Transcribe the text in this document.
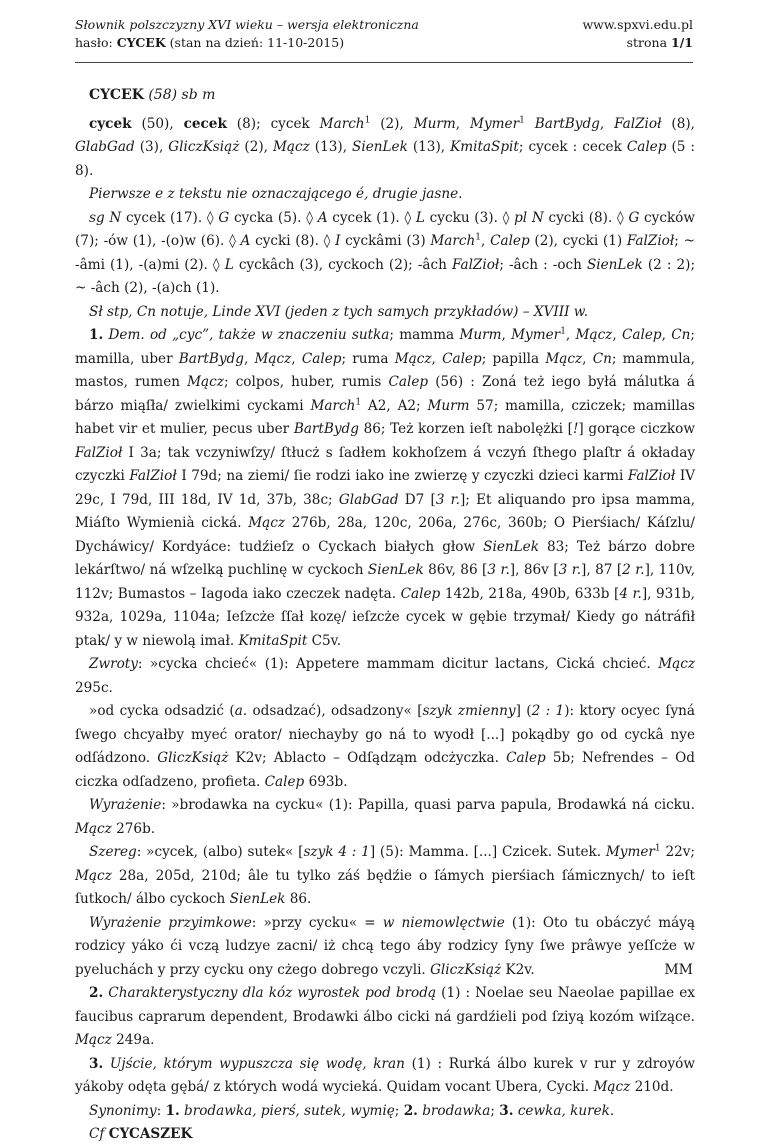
Słownik polszczyzny XVI wieku – wersja elektroniczna
hasło: CYCEK (stan na dzień: 11-10-2015)
www.spxvi.edu.pl
strona 1/1

CYCEK (58) sb m

cycek (50), cecek (8); cycek March$^1$ (2), Murm, Mymer$^1$ BartBydg, FalZioł (8), GlabGad (3), GliczKsiąż (2), Mącz (13), SienLek (13), KmitaSpit; cycek : cecek Calep (5 : 8).

Pierwsze e z tekstu nie oznaczającego é, drugie jasne.

sg N cycek (17). ◊ G cycka (5). ◊ A cycek (1). ◊ L cycku (3). ◊ pl N cycki (8). ◊ G cycków (7); -ów (1), -(o)w (6). ◊ A cycki (8). ◊ I cyckâmi (3) March$^1$, Calep (2), cycki (1) FalZioł; ~ -âmi (1), -(a)mi (2). ◊ L cyckâch (3), cyckoch (2); -âch FalZioł; -âch : -och SienLek (2 : 2); ~ -âch (2), -(a)ch (1).

Sł stp, Cn notuje, Linde XVI (jeden z tych samych przykładów) – XVIII w.

1. Dem. od „cyc”, także w znaczeniu sutka; mamma Murm, Mymer$^1$, Mącz, Calep, Cn; mamilla, uber BartBydg, Mącz, Calep; ruma Mącz, Calep; papilla Mącz, Cn; mammula, mastos, rumen Mącz; colpos, huber, rumis Calep (56) : Zoná też iego byłá málutka á bárzo miąſła/ zwielkimi cyckami March$^1$ A2, A2; Murm 57; mamilla, cziczek; mamillas habet vir et mulier, pecus uber BartBydg 86; Też korzen ieſt nabolężki [!] gorące ciczkow FalZioł I 3a; tak vczyniwſzy/ ſtłucż s ſadłem kokhoſzem á vczyń ſthego plaſtr á okładay czyczki FalZioł I 79d; na ziemi/ ſie rodzi iako ine zwierzę y czyczki dzieci karmi FalZioł IV 29c, I 79d, III 18d, IV 1d, 37b, 38c; GlabGad D7 [3 r.]; Et aliquando pro ipsa mamma, Miáſto Wymienià cická. Mącz 276b, 28a, 120c, 206a, 276c, 360b; O Pierśiach/ Káſzlu/ Dycháwicy/ Kordyáce: tudźieſz o Cyckach białych głow SienLek 83; Też bárzo dobre lekárſtwo/ ná wſzelką puchlinę w cyckoch SienLek 86v, 86 [3 r.], 86v [3 r.], 87 [2 r.], 110v, 112v; Bumastos – Iagoda iako czeczek nadęta. Calep 142b, 218a, 490b, 633b [4 r.], 931b, 932a, 1029a, 1104a; Ieſzcże ſſał kozę/ ieſzcże cycek w gębie trzymał/ Kiedy go nátráfił ptak/ y w niewolą imał. KmitaSpit C5v.

Zwroty: »cycka chcieć« (1): Appetere mammam dicitur lactans, Cická chcieć. Mącz 295c.

»od cycka odsadzić (a. odsadzać), odsadzony« [szyk zmienny] (2 : 1): ktory ocyec ſyná ſwego chcyałby myeć orator/ niechayby go ná to wyodł [...] pokądby go od cyckâ nye odſádzono. GliczKsiąż K2v; Ablacto – Odſądząm odcżyczka. Calep 5b; Nefrendes – Od ciczka odſadzeno, profieta. Calep 693b.

Wyrażenie: »brodawka na cycku« (1): Papilla, quasi parva papula, Brodawká ná cicku. Mącz 276b.

Szereg: »cycek, (albo) sutek« [szyk 4 : 1] (5): Mamma. [...] Czicek. Sutek. Mymer$^1$ 22v; Mącz 28a, 205d, 210d; âle tu tylko záś będźie o ſámych pierśiach ſámicznych/ to ieſt ſutkoch/ álbo cyckoch SienLek 86.

Wyrażenie przyimkowe: »przy cycku« = w niemowlęctwie (1): Oto tu obáczyć máyą rodzicy yáko ći vczą ludzye zacni/ iż chcą tego áby rodzicy ſyny ſwe prâwye yeſſcże w pyeluchách y przy cycku ony cżego dobrego vczyli. GliczKsiąż K2v.

2. Charakterystyczny dla kóz wyrostek pod brodą (1) : Noelae seu Naeolae papillae ex faucibus caprarum dependent, Brodawki álbo cicki ná gardźieli pod ſziyą kozóm wiſzące. Mącz 249a.

3. Ujście, którym wypuszcza się wodę, kran (1) : Rurká álbo kurek v rur y zdroyów yákoby odęta gębá/ z których wodá wycieká. Quidam vocant Ubera, Cycki. Mącz 210d.

Synonimy: 1. brodawka, pierś, sutek, wymię; 2. brodawka; 3. cewka, kurek.

Cf CYCASZEK

MM
